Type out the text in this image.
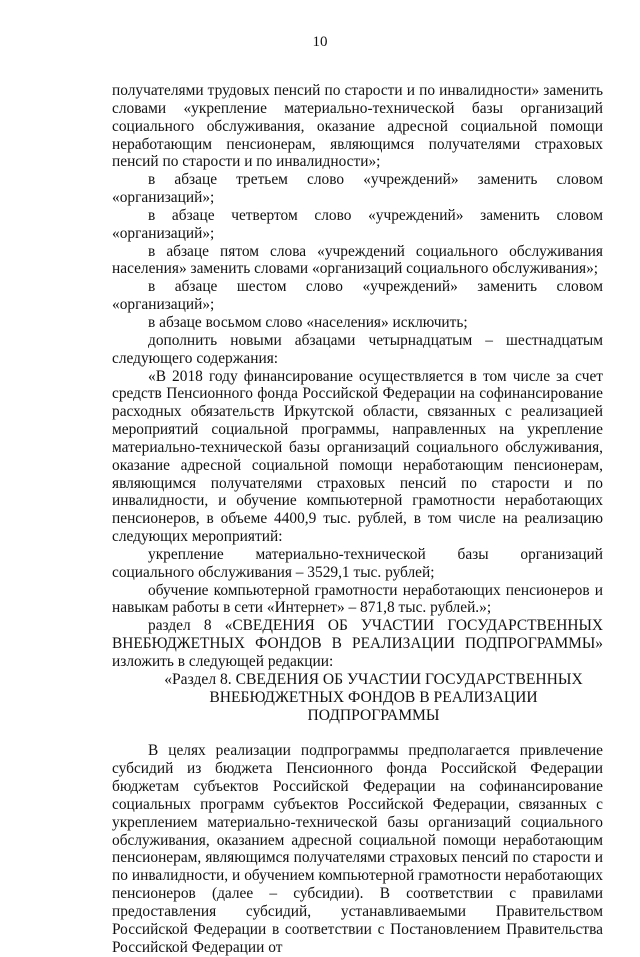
10

получателями трудовых пенсий по старости и по инвалидности» заменить словами «укрепление материально-технической базы организаций социального обслуживания, оказание адресной социальной помощи неработающим пенсионерам, являющимся получателями страховых пенсий по старости и по инвалидности»;

в абзаце третьем слово «учреждений» заменить словом «организаций»;

в абзаце четвертом слово «учреждений» заменить словом «организаций»;

в абзаце пятом слова «учреждений социального обслуживания населения» заменить словами «организаций социального обслуживания»;

в абзаце шестом слово «учреждений» заменить словом «организаций»;

в абзаце восьмом слово «населения» исключить;

дополнить новыми абзацами четырнадцатым – шестнадцатым следующего содержания:

«В 2018 году финансирование осуществляется в том числе за счет средств Пенсионного фонда Российской Федерации на софинансирование расходных обязательств Иркутской области, связанных с реализацией мероприятий социальной программы, направленных на укрепление материально-технической базы организаций социального обслуживания, оказание адресной социальной помощи неработающим пенсионерам, являющимся получателями страховых пенсий по старости и по инвалидности, и обучение компьютерной грамотности неработающих пенсионеров, в объеме 4400,9 тыс. рублей, в том числе на реализацию следующих мероприятий:

укрепление материально-технической базы организаций социального обслуживания – 3529,1 тыс. рублей;

обучение компьютерной грамотности неработающих пенсионеров и навыкам работы в сети «Интернет» – 871,8 тыс. рублей.»;

раздел 8 «СВЕДЕНИЯ ОБ УЧАСТИИ ГОСУДАРСТВЕННЫХ ВНЕБЮДЖЕТНЫХ ФОНДОВ В РЕАЛИЗАЦИИ ПОДПРОГРАММЫ» изложить в следующей редакции:

«Раздел 8. СВЕДЕНИЯ ОБ УЧАСТИИ ГОСУДАРСТВЕННЫХ ВНЕБЮДЖЕТНЫХ ФОНДОВ В РЕАЛИЗАЦИИ ПОДПРОГРАММЫ

В целях реализации подпрограммы предполагается привлечение субсидий из бюджета Пенсионного фонда Российской Федерации бюджетам субъектов Российской Федерации на софинансирование социальных программ субъектов Российской Федерации, связанных с укреплением материально-технической базы организаций социального обслуживания, оказанием адресной социальной помощи неработающим пенсионерам, являющимся получателями страховых пенсий по старости и по инвалидности, и обучением компьютерной грамотности неработающих пенсионеров (далее – субсидии). В соответствии с правилами предоставления субсидий, устанавливаемыми Правительством Российской Федерации в соответствии с Постановлением Правительства Российской Федерации от
